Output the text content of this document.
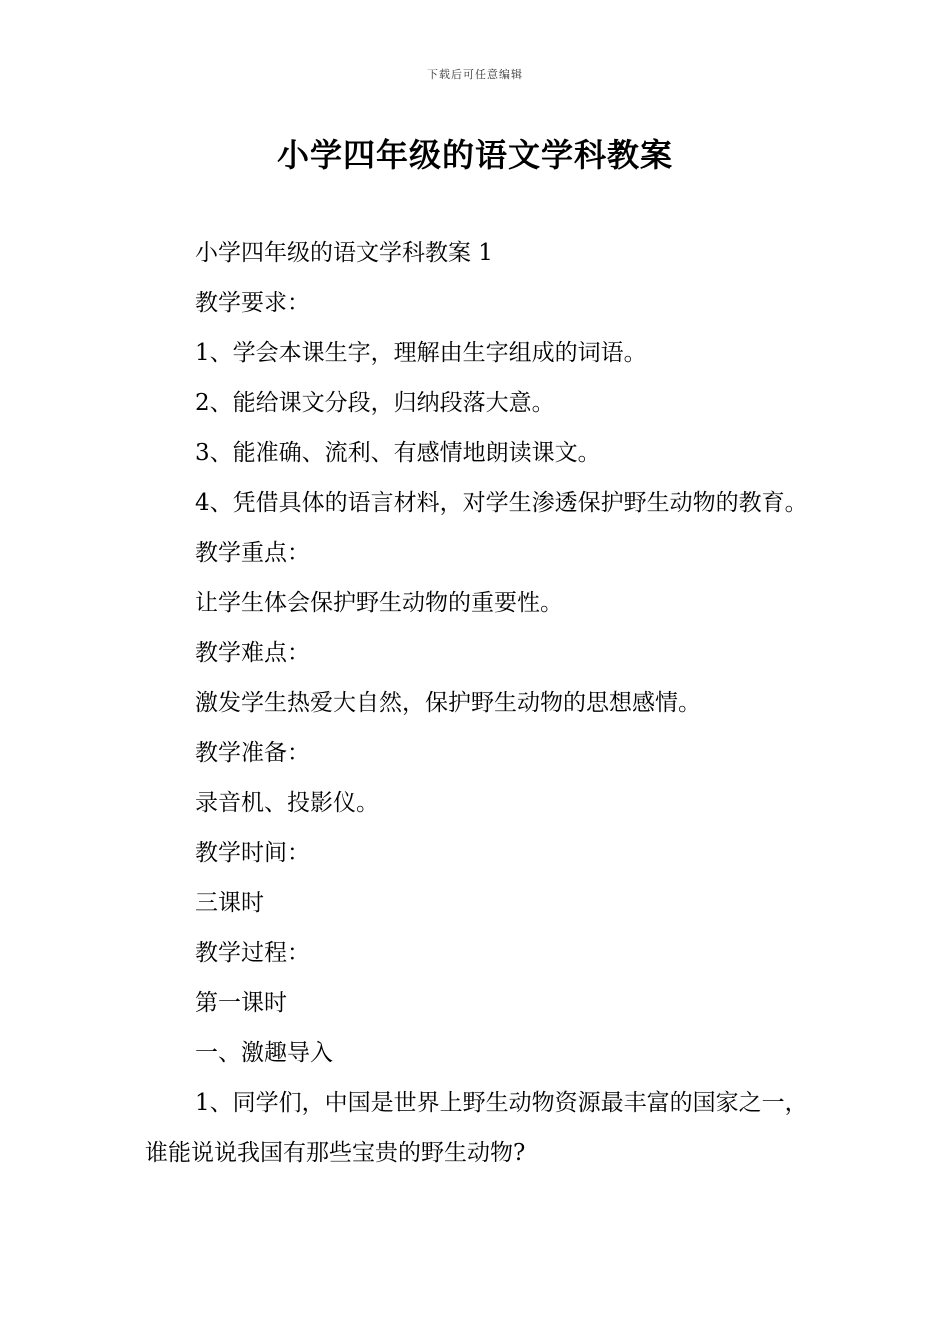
下载后可任意编辑
小学四年级的语文学科教案

小学四年级的语文学科教案 1

教学要求：

1、学会本课生字，理解由生字组成的词语。

2、能给课文分段，归纳段落大意。

3、能准确、流利、有感情地朗读课文。

4、凭借具体的语言材料，对学生渗透保护野生动物的教育。

教学重点：

让学生体会保护野生动物的重要性。

教学难点：

激发学生热爱大自然，保护野生动物的思想感情。

教学准备：

录音机、投影仪。

教学时间：

三课时

教学过程：

第一课时

一、激趣导入

1、同学们，中国是世界上野生动物资源最丰富的国家之一，谁能说说我国有那些宝贵的野生动物?
